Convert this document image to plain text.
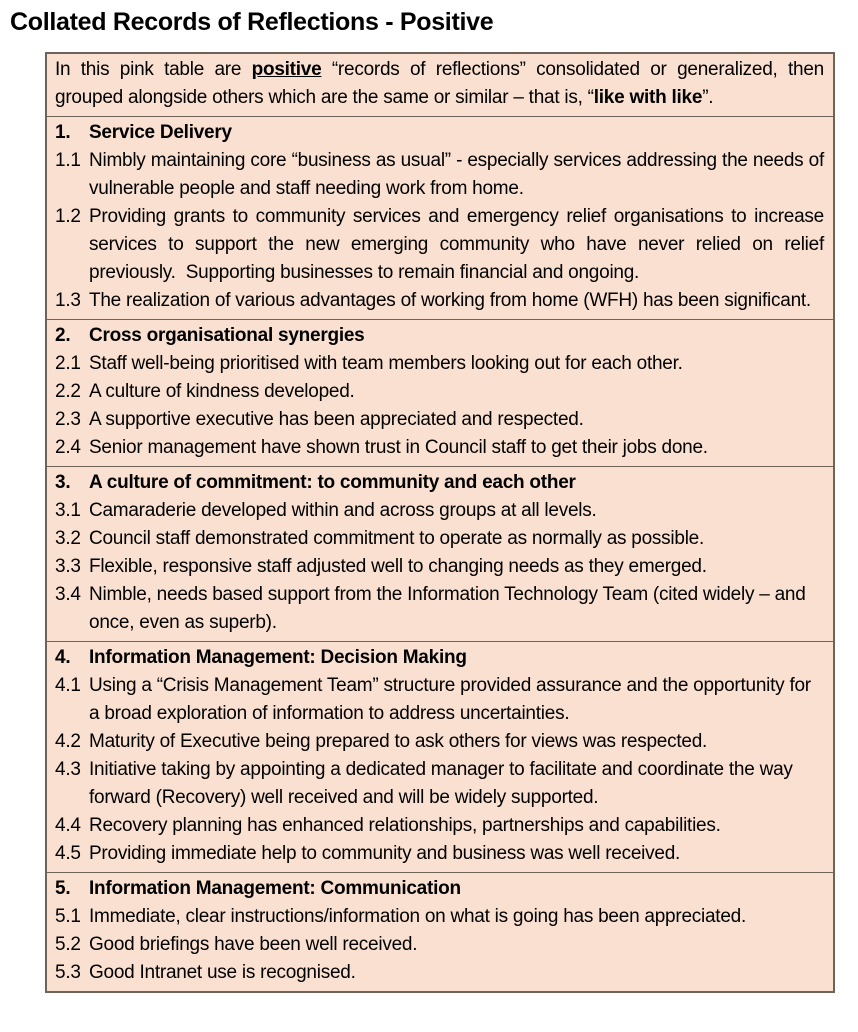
Collated Records of Reflections - Positive

In this pink table are positive “records of reflections” consolidated or generalized, then grouped alongside others which are the same or similar – that is, “like with like”.

1. Service Delivery
1.1 Nimbly maintaining core “business as usual” - especially services addressing the needs of vulnerable people and staff needing work from home.
1.2 Providing grants to community services and emergency relief organisations to increase services to support the new emerging community who have never relied on relief previously.  Supporting businesses to remain financial and ongoing.
1.3 The realization of various advantages of working from home (WFH) has been significant.
2. Cross organisational synergies
2.1 Staff well-being prioritised with team members looking out for each other.
2.2 A culture of kindness developed.
2.3 A supportive executive has been appreciated and respected.
2.4 Senior management have shown trust in Council staff to get their jobs done.
3. A culture of commitment: to community and each other
3.1 Camaraderie developed within and across groups at all levels.
3.2 Council staff demonstrated commitment to operate as normally as possible.
3.3 Flexible, responsive staff adjusted well to changing needs as they emerged.
3.4 Nimble, needs based support from the Information Technology Team (cited widely – and once, even as superb).
4. Information Management: Decision Making
4.1 Using a “Crisis Management Team” structure provided assurance and the opportunity for a broad exploration of information to address uncertainties.
4.2 Maturity of Executive being prepared to ask others for views was respected.
4.3 Initiative taking by appointing a dedicated manager to facilitate and coordinate the way forward (Recovery) well received and will be widely supported.
4.4 Recovery planning has enhanced relationships, partnerships and capabilities.
4.5 Providing immediate help to community and business was well received.
5. Information Management: Communication
5.1 Immediate, clear instructions/information on what is going has been appreciated.
5.2 Good briefings have been well received.
5.3 Good Intranet use is recognised.
